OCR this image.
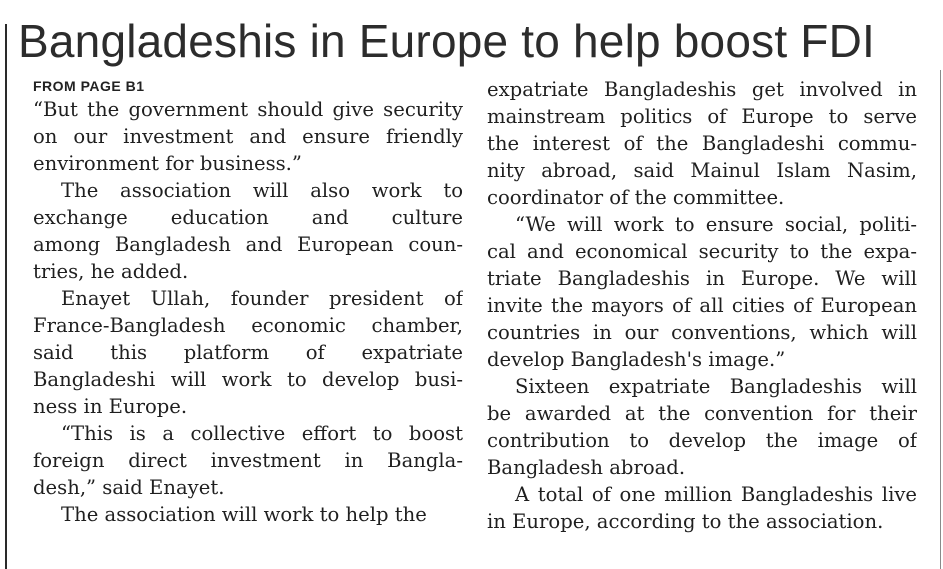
Bangladeshis in Europe to help boost FDI
FROM PAGE B1
“But the government should give security
on our investment and ensure friendly
environment for business.”
The association will also work to
exchange education and culture
among Bangladesh and European coun-
tries, he added.
Enayet Ullah, founder president of
France-Bangladesh economic chamber,
said this platform of expatriate
Bangladeshi will work to develop busi-
ness in Europe.
“This is a collective effort to boost
foreign direct investment in Bangla-
desh,” said Enayet.
The association will work to help the
expatriate Bangladeshis get involved in
mainstream politics of Europe to serve
the interest of the Bangladeshi commu-
nity abroad, said Mainul Islam Nasim,
coordinator of the committee.
“We will work to ensure social, politi-
cal and economical security to the expa-
triate Bangladeshis in Europe. We will
invite the mayors of all cities of European
countries in our conventions, which will
develop Bangladesh's image.”
Sixteen expatriate Bangladeshis will
be awarded at the convention for their
contribution to develop the image of
Bangladesh abroad.
A total of one million Bangladeshis live
in Europe, according to the association.
